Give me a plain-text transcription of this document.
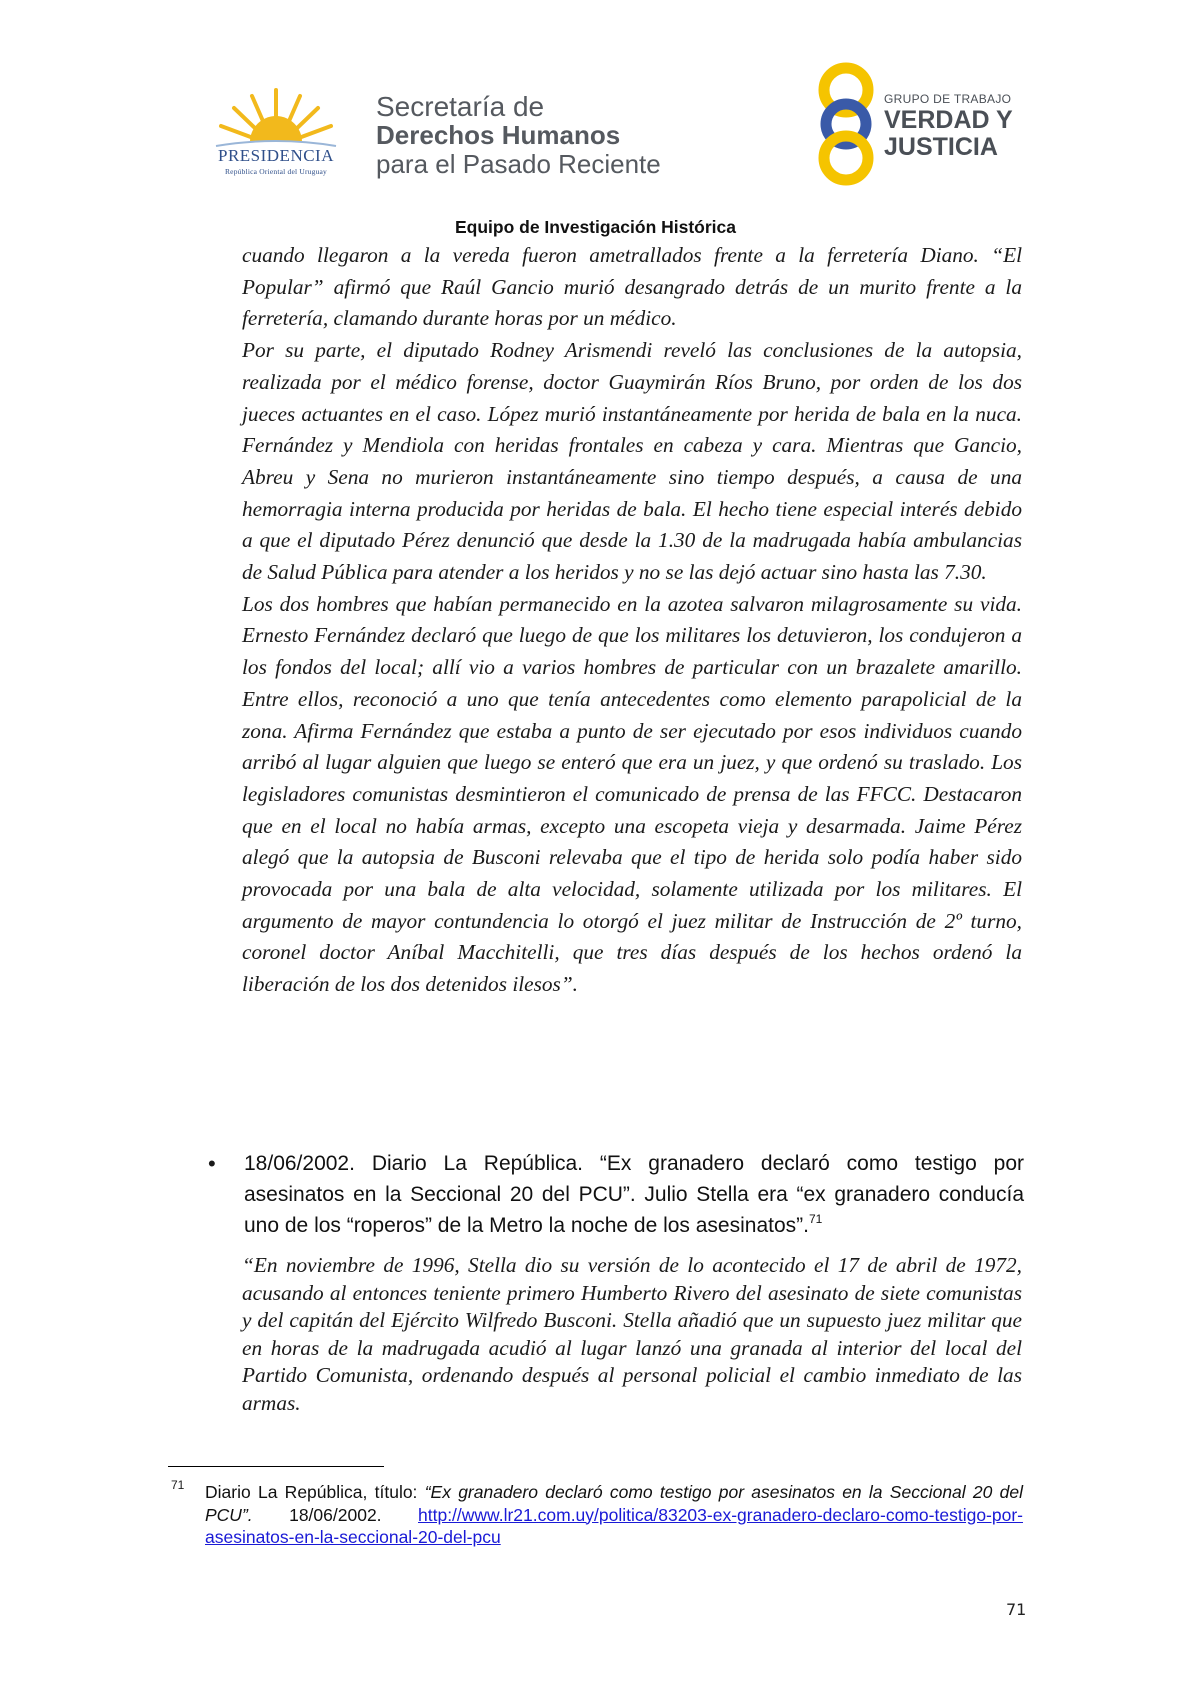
PRESIDENCIA
República Oriental del Uruguay
Secretaría de
Derechos Humanos
para el Pasado Reciente
GRUPO DE TRABAJO
VERDAD Y
JUSTICIA
Equipo de Investigación Histórica

cuando llegaron a la vereda fueron ametrallados frente a la ferretería Diano. “El Popular” afirmó que Raúl Gancio murió desangrado detrás de un murito frente a la ferretería, clamando durante horas por un médico.

Por su parte, el diputado Rodney Arismendi reveló las conclusiones de la autopsia, realizada por el médico forense, doctor Guaymirán Ríos Bruno, por orden de los dos jueces actuantes en el caso. López murió instantáneamente por herida de bala en la nuca. Fernández y Mendiola con heridas frontales en cabeza y cara. Mientras que Gancio, Abreu y Sena no murieron instantáneamente sino tiempo después, a causa de una hemorragia interna producida por heridas de bala. El hecho tiene especial interés debido a que el diputado Pérez denunció que desde la 1.30 de la madrugada había ambulancias de Salud Pública para atender a los heridos y no se las dejó actuar sino hasta las 7.30.

Los dos hombres que habían permanecido en la azotea salvaron milagrosamente su vida. Ernesto Fernández declaró que luego de que los militares los detuvieron, los condujeron a los fondos del local; allí vio a varios hombres de particular con un brazalete amarillo. Entre ellos, reconoció a uno que tenía antecedentes como elemento parapolicial de la zona. Afirma Fernández que estaba a punto de ser ejecutado por esos individuos cuando arribó al lugar alguien que luego se enteró que era un juez, y que ordenó su traslado. Los legisladores comunistas desmintieron el comunicado de prensa de las FFCC. Destacaron que en el local no había armas, excepto una escopeta vieja y desarmada. Jaime Pérez alegó que la autopsia de Busconi relevaba que el tipo de herida solo podía haber sido provocada por una bala de alta velocidad, solamente utilizada por los militares. El argumento de mayor contundencia lo otorgó el juez militar de Instrucción de 2º turno, coronel doctor Aníbal Macchitelli, que tres días después de los hechos ordenó la liberación de los dos detenidos ilesos”.

• 18/06/2002. Diario La República. “Ex granadero declaró como testigo por asesinatos en la Seccional 20 del PCU”. Julio Stella era “ex granadero conducía uno de los “roperos” de la Metro la noche de los asesinatos”.$^{71}$

“En noviembre de 1996, Stella dio su versión de lo acontecido el 17 de abril de 1972, acusando al entonces teniente primero Humberto Rivero del asesinato de siete comunistas y del capitán del Ejército Wilfredo Busconi. Stella añadió que un supuesto juez militar que en horas de la madrugada acudió al lugar lanzó una granada al interior del local del Partido Comunista, ordenando después al personal policial el cambio inmediato de las armas.

71 Diario La República, título: “Ex granadero declaró como testigo por asesinatos en la Seccional 20 del PCU”. 18/06/2002. http://www.lr21.com.uy/politica/83203-ex-granadero-declaro-como-testigo-por-asesinatos-en-la-seccional-20-del-pcu
71
